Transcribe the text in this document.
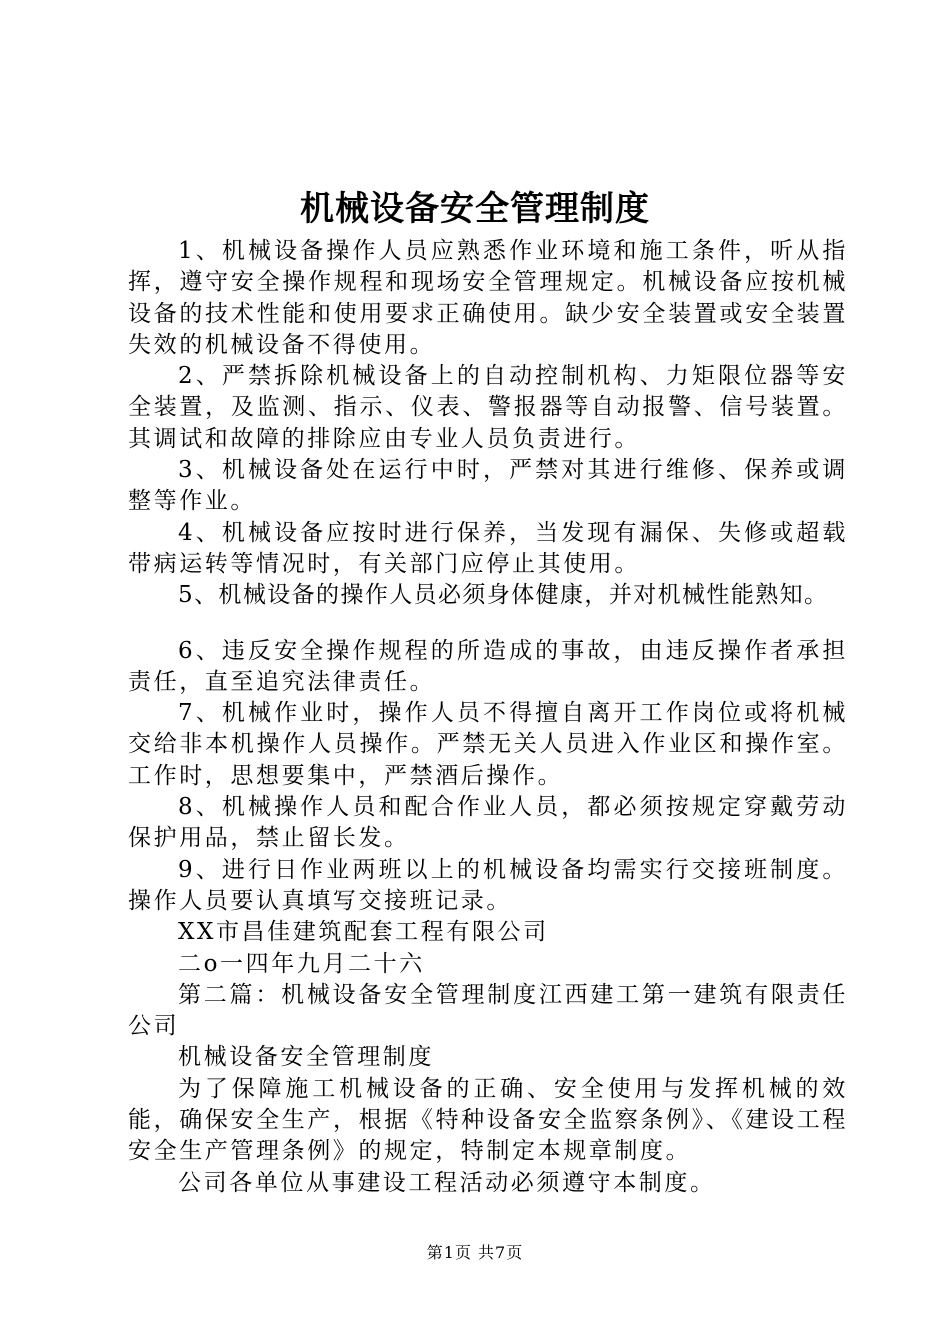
机械设备安全管理制度

1、机械设备操作人员应熟悉作业环境和施工条件，听从指挥，遵守安全操作规程和现场安全管理规定。机械设备应按机械设备的技术性能和使用要求正确使用。缺少安全装置或安全装置失效的机械设备不得使用。

2、严禁拆除机械设备上的自动控制机构、力矩限位器等安全装置，及监测、指示、仪表、警报器等自动报警、信号装置。其调试和故障的排除应由专业人员负责进行。

3、机械设备处在运行中时，严禁对其进行维修、保养或调整等作业。

4、机械设备应按时进行保养，当发现有漏保、失修或超载带病运转等情况时，有关部门应停止其使用。

5、机械设备的操作人员必须身体健康，并对机械性能熟知。

6、违反安全操作规程的所造成的事故，由违反操作者承担责任，直至追究法律责任。

7、机械作业时，操作人员不得擅自离开工作岗位或将机械交给非本机操作人员操作。严禁无关人员进入作业区和操作室。工作时，思想要集中，严禁酒后操作。

8、机械操作人员和配合作业人员，都必须按规定穿戴劳动保护用品，禁止留长发。

9、进行日作业两班以上的机械设备均需实行交接班制度。操作人员要认真填写交接班记录。

XX市昌佳建筑配套工程有限公司

二o一四年九月二十六

第二篇：机械设备安全管理制度江西建工第一建筑有限责任公司

机械设备安全管理制度

为了保障施工机械设备的正确、安全使用与发挥机械的效能，确保安全生产，根据《特种设备安全监察条例》、《建设工程安全生产管理条例》的规定，特制定本规章制度。

公司各单位从事建设工程活动必须遵守本制度。

第1页 共7页
